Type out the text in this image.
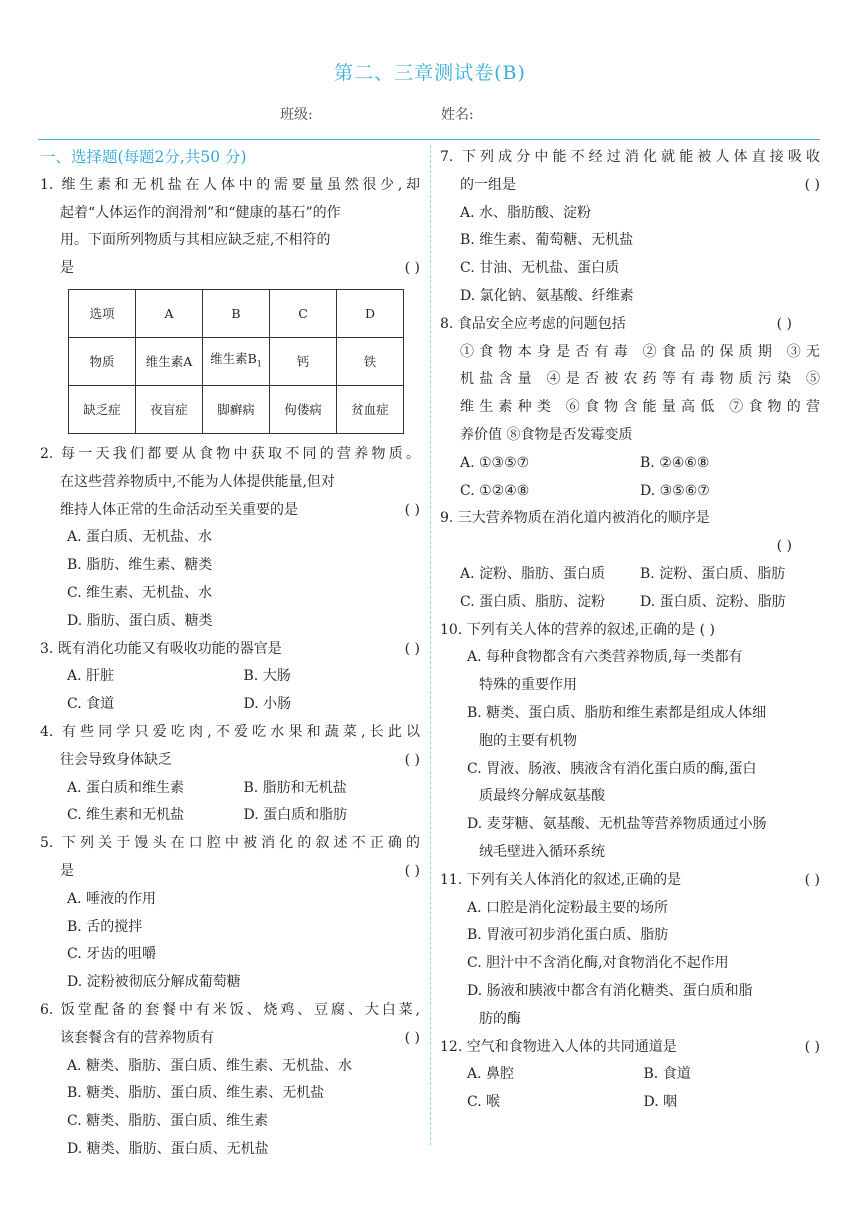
第二、三章测试卷(B)
班级:	姓名:
一、选择题(每题2分,共50 分)
1. 维生素和无机盐在人体中的需要量虽然很少,却
起着“人体运作的润滑剂”和“健康的基石”的作
用。下面所列物质与其相应缺乏症,不相符的
是	( )
选项	A	B	C	D
物质	维生素A	维生素$B_1$	钙	铁
缺乏症	夜盲症	脚癣病	佝偻病	贫血症
2. 每一天我们都要从食物中获取不同的营养物质。
在这些营养物质中,不能为人体提供能量,但对
维持人体正常的生命活动至关重要的是	( )
A. 蛋白质、无机盐、水
B. 脂肪、维生素、糖类
C. 维生素、无机盐、水
D. 脂肪、蛋白质、糖类
3. 既有消化功能又有吸收功能的器官是	( )
A. 肝脏	B. 大肠
C. 食道	D. 小肠
4. 有些同学只爱吃肉,不爱吃水果和蔬菜,长此以
往会导致身体缺乏	( )
A. 蛋白质和维生素	B. 脂肪和无机盐
C. 维生素和无机盐	D. 蛋白质和脂肪
5. 下列关于馒头在口腔中被消化的叙述不正确的
是	( )
A. 唾液的作用
B. 舌的搅拌
C. 牙齿的咀嚼
D. 淀粉被彻底分解成葡萄糖
6. 饭堂配备的套餐中有米饭、烧鸡、豆腐、大白菜,
该套餐含有的营养物质有	( )
A. 糖类、脂肪、蛋白质、维生素、无机盐、水
B. 糖类、脂肪、蛋白质、维生素、无机盐
C. 糖类、脂肪、蛋白质、维生素
D. 糖类、脂肪、蛋白质、无机盐
7. 下列成分中能不经过消化就能被人体直接吸收
的一组是	( )
A. 水、脂肪酸、淀粉
B. 维生素、葡萄糖、无机盐
C. 甘油、无机盐、蛋白质
D. 氯化钠、氨基酸、纤维素
8. 食品安全应考虑的问题包括	( )
①食物本身是否有毒 ②食品的保质期 ③无
机盐含量 ④是否被农药等有毒物质污染 ⑤
维生素种类 ⑥食物含能量高低 ⑦食物的营
养价值 ⑧食物是否发霉变质
A. ①③⑤⑦	B. ②④⑥⑧
C. ①②④⑧	D. ③⑤⑥⑦
9. 三大营养物质在消化道内被消化的顺序是
( )

A. 淀粉、脂肪、蛋白质	B. 淀粉、蛋白质、脂肪
C. 蛋白质、脂肪、淀粉	D. 蛋白质、淀粉、脂肪
10. 下列有关人体的营养的叙述,正确的是 ( )
A. 每种食物都含有六类营养物质,每一类都有
特殊的重要作用
B. 糖类、蛋白质、脂肪和维生素都是组成人体细
胞的主要有机物
C. 胃液、肠液、胰液含有消化蛋白质的酶,蛋白
质最终分解成氨基酸
D. 麦芽糖、氨基酸、无机盐等营养物质通过小肠
绒毛壁进入循环系统
11. 下列有关人体消化的叙述,正确的是	( )
A. 口腔是消化淀粉最主要的场所
B. 胃液可初步消化蛋白质、脂肪
C. 胆汁中不含消化酶,对食物消化不起作用
D. 肠液和胰液中都含有消化糖类、蛋白质和脂
肪的酶
12. 空气和食物进入人体的共同通道是	( )
A. 鼻腔	B. 食道
C. 喉	D. 咽
